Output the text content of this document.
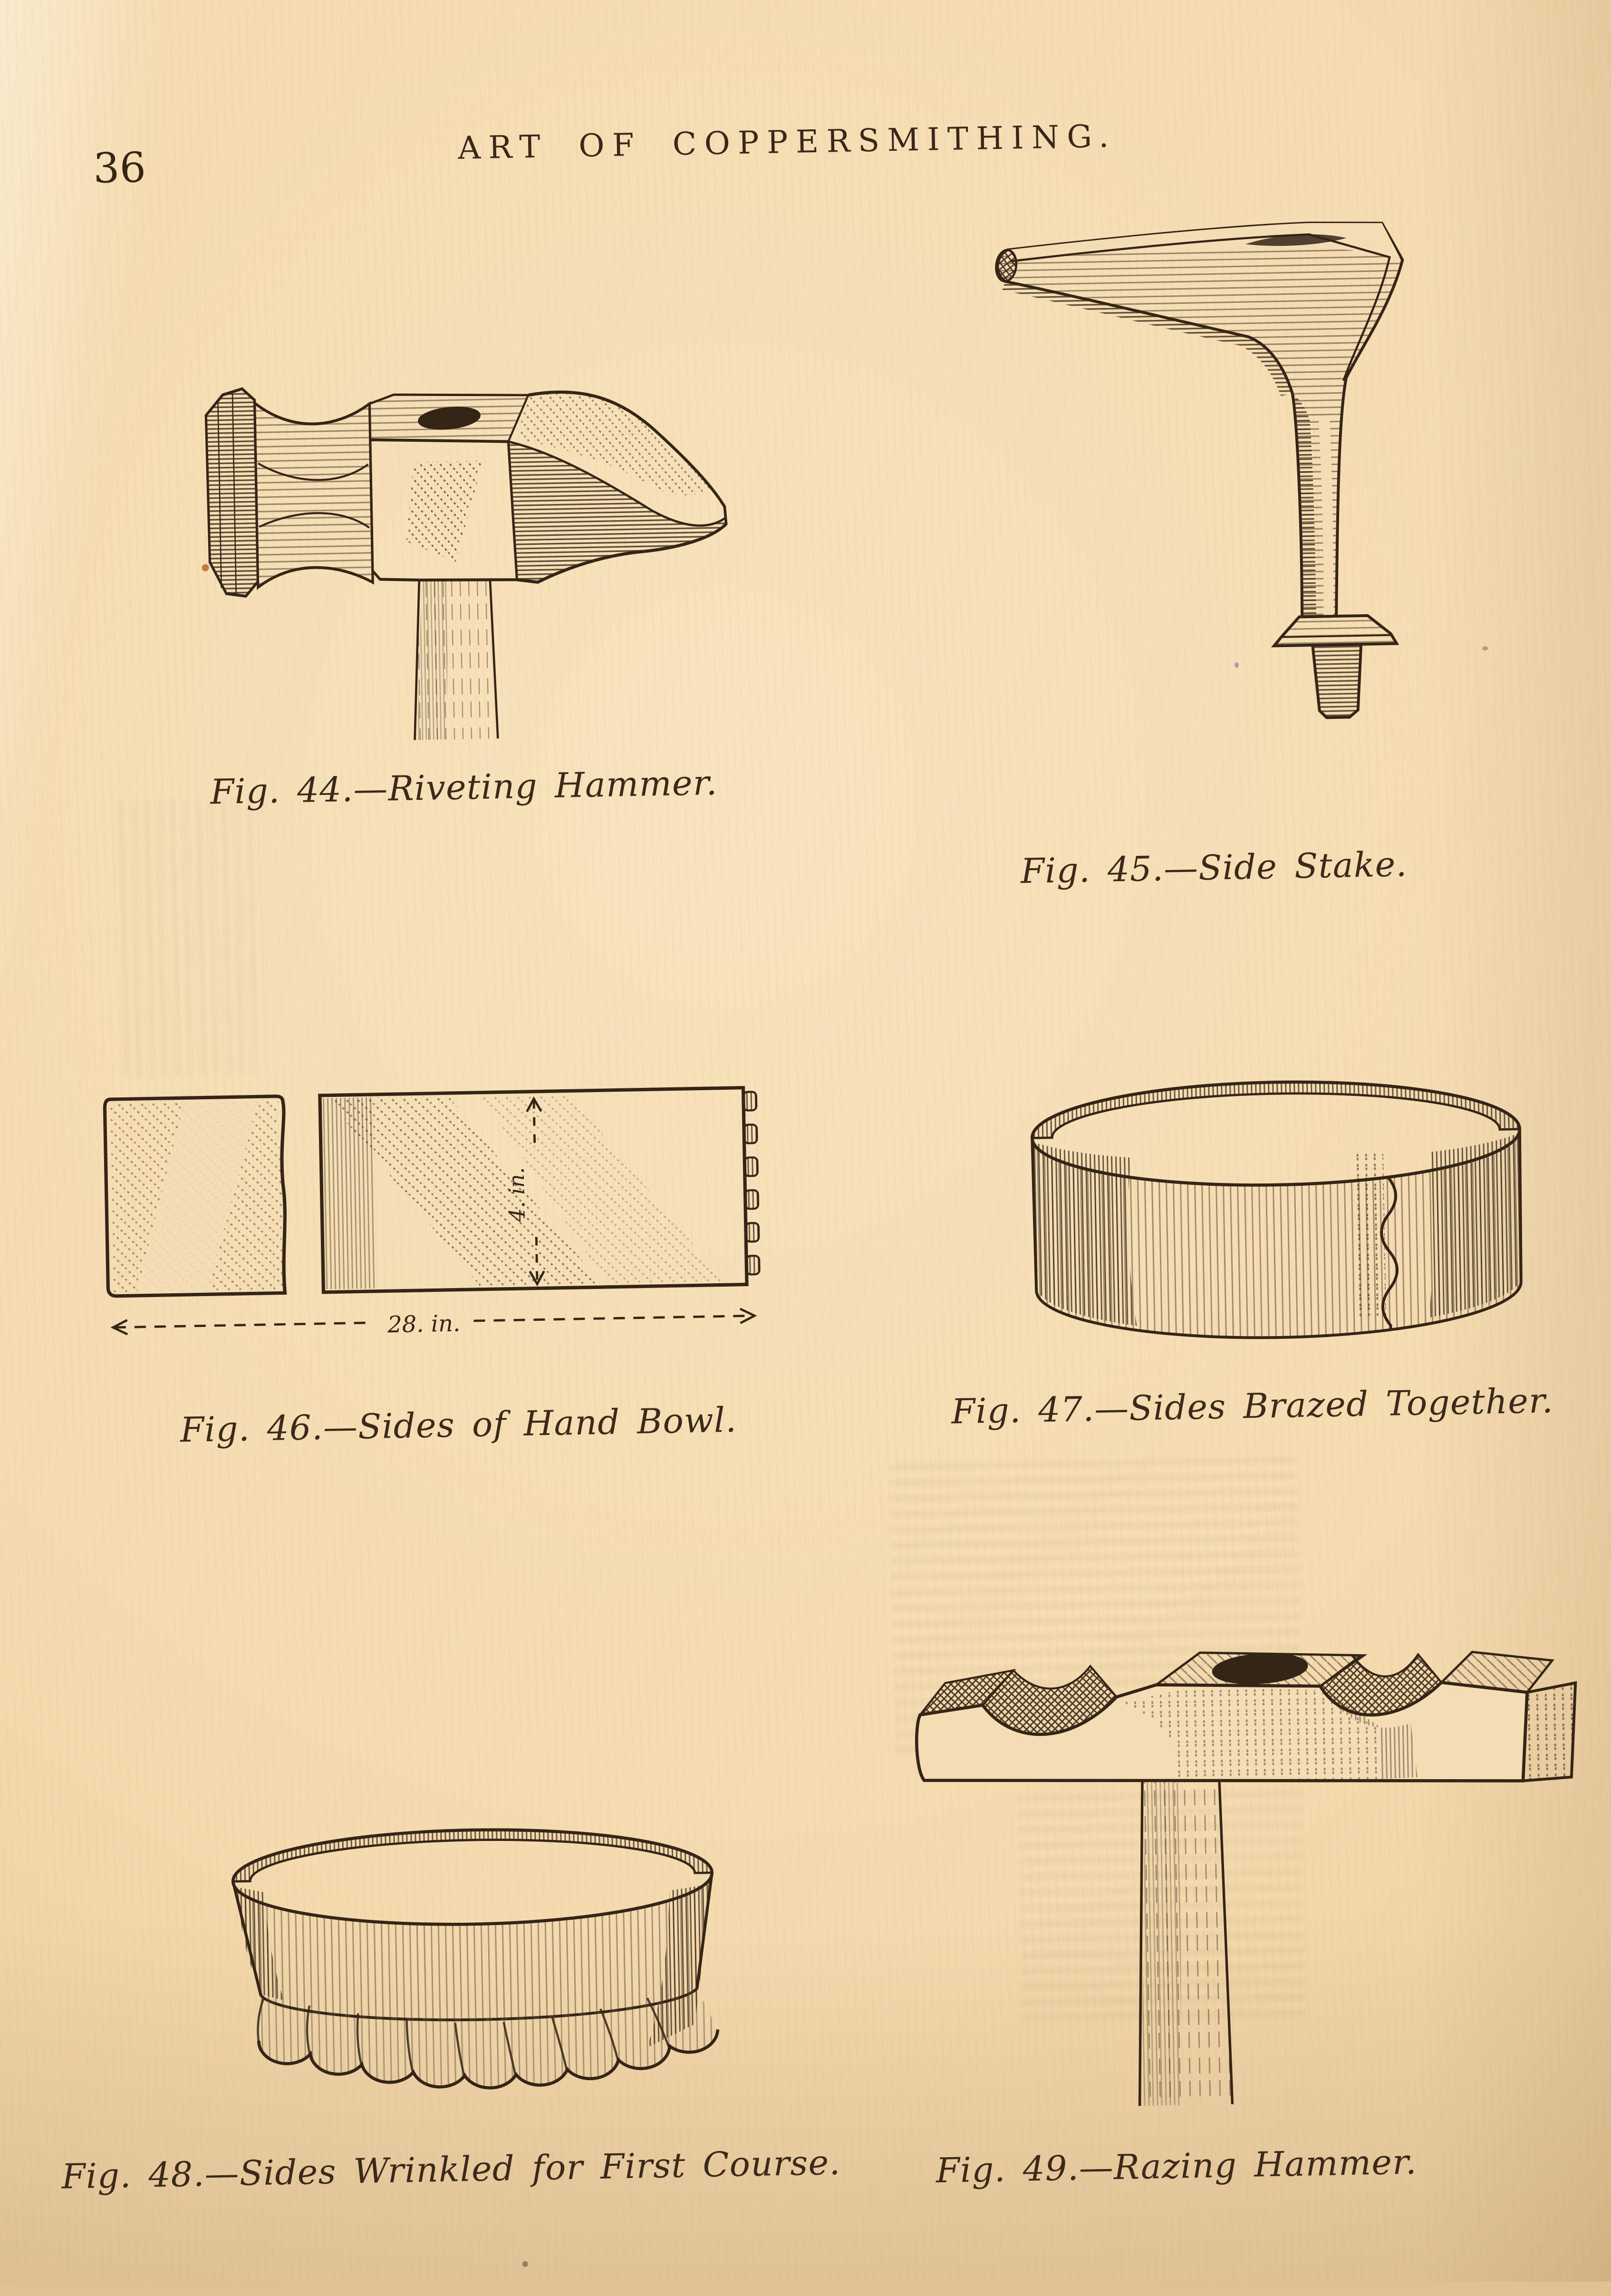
36	ART OF COPPERSMITHING.
Fig. 44.—Riveting Hammer.
Fig. 45.—Side Stake.
4. in.
28. in.
Fig. 46.—Sides of Hand Bowl.	Fig. 47.—Sides Brazed Together.
Fig. 48.—Sides Wrinkled for First Course.	Fig. 49.—Razing Hammer.
